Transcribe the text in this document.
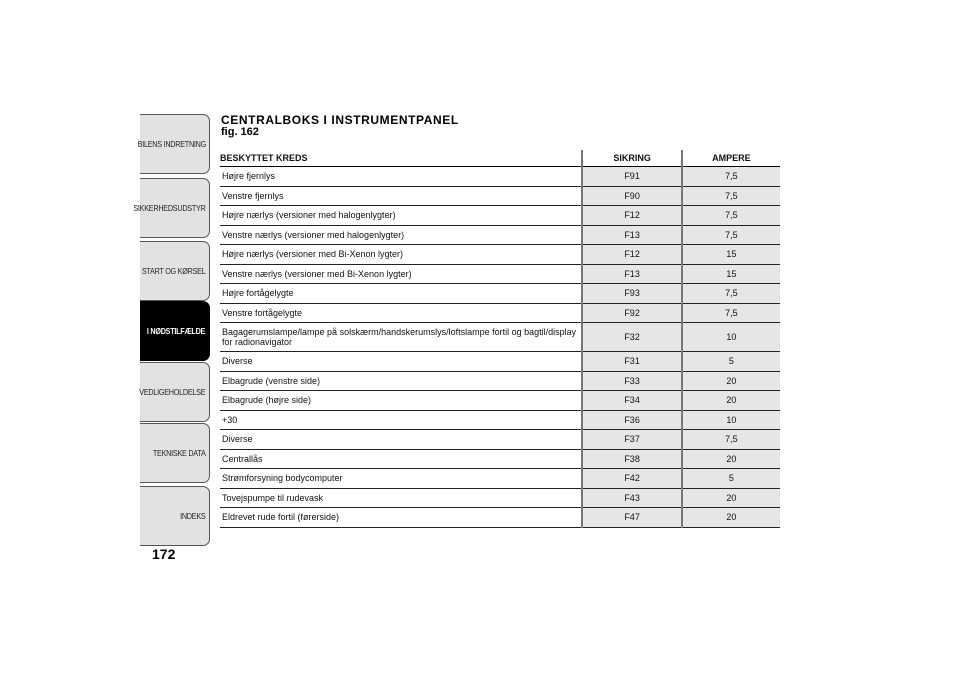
BILENS INDRETNING
SIKKERHEDSUDSTYR
START OG KØRSEL
I NØDSTILFÆLDE
VEDLIGEHOLDELSE
TEKNISKE DATA
INDEKS
172
CENTRALBOKS I INSTRUMENTPANEL
fig. 162
BESKYTTET KREDS	SIKRING	AMPERE
Højre fjernlys	F91	7,5
Venstre fjernlys	F90	7,5
Højre nærlys (versioner med halogenlygter)	F12	7,5
Venstre nærlys (versioner med halogenlygter)	F13	7,5
Højre nærlys (versioner med Bi-Xenon lygter)	F12	15
Venstre nærlys (versioner med Bi-Xenon lygter)	F13	15
Højre fortågelygte	F93	7,5
Venstre fortågelygte	F92	7,5
Bagagerumslampe/lampe på solskærm/handskerumslys/loftslampe fortil og bagtil/display for radionavigator	F32	10
Diverse	F31	5
Elbagrude (venstre side)	F33	20
Elbagrude (højre side)	F34	20
+30	F36	10
Diverse	F37	7,5
Centrallås	F38	20
Strømforsyning bodycomputer	F42	5
Tovejspumpe til rudevask	F43	20
Eldrevet rude fortil (førerside)	F47	20
